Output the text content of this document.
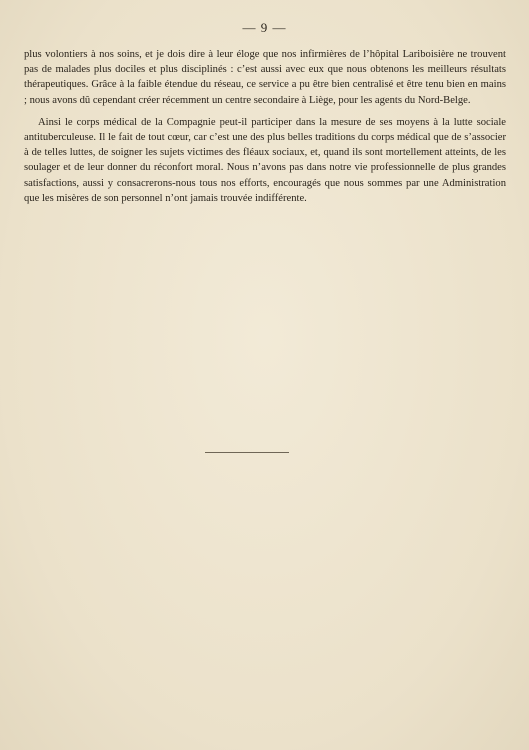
— 9 —

plus volontiers à nos soins, et je dois dire à leur éloge que nos infirmières de l’hôpital Lariboisière ne trouvent pas de malades plus dociles et plus disciplinés : c’est aussi avec eux que nous obtenons les meilleurs résultats thérapeutiques. Grâce à la faible étendue du réseau, ce service a pu être bien centralisé et être tenu bien en mains ; nous avons dû cependant créer récemment un centre secondaire à Liège, pour les agents du Nord-Belge.

Ainsi le corps médical de la Compagnie peut-il participer dans la mesure de ses moyens à la lutte sociale antituberculeuse. Il le fait de tout cœur, car c’est une des plus belles traditions du corps médical que de s’associer à de telles luttes, de soigner les sujets victimes des fléaux sociaux, et, quand ils sont mortellement atteints, de les soulager et de leur donner du réconfort moral. Nous n’avons pas dans notre vie professionnelle de plus grandes satisfactions, aussi y consacrerons-nous tous nos efforts, encouragés que nous sommes par une Administration que les misères de son personnel n’ont jamais trouvée indifférente.
